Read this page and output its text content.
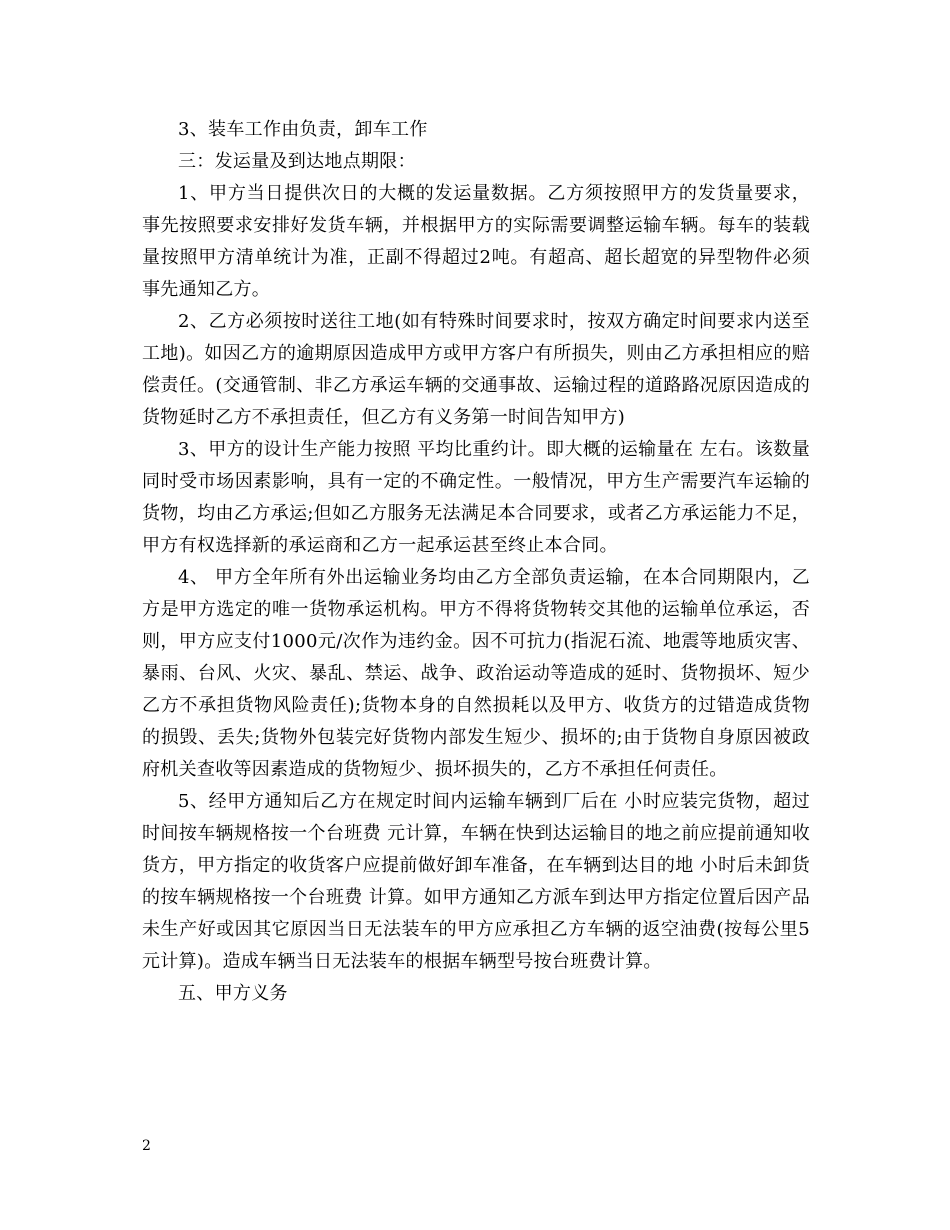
3、装车工作由负责，卸车工作

三：发运量及到达地点期限：

1、甲方当日提供次日的大概的发运量数据。乙方须按照甲方的发货量要求，事先按照要求安排好发货车辆，并根据甲方的实际需要调整运输车辆。每车的装载量按照甲方清单统计为准，正副不得超过2吨。有超高、超长超宽的异型物件必须事先通知乙方。

2、乙方必须按时送往工地(如有特殊时间要求时，按双方确定时间要求内送至工地)。如因乙方的逾期原因造成甲方或甲方客户有所损失，则由乙方承担相应的赔偿责任。(交通管制、非乙方承运车辆的交通事故、运输过程的道路路况原因造成的货物延时乙方不承担责任，但乙方有义务第一时间告知甲方)

3、甲方的设计生产能力按照 平均比重约计。即大概的运输量在 左右。该数量同时受市场因素影响，具有一定的不确定性。一般情况，甲方生产需要汽车运输的货物，均由乙方承运;但如乙方服务无法满足本合同要求，或者乙方承运能力不足，甲方有权选择新的承运商和乙方一起承运甚至终止本合同。

4、 甲方全年所有外出运输业务均由乙方全部负责运输，在本合同期限内，乙方是甲方选定的唯一货物承运机构。甲方不得将货物转交其他的运输单位承运，否则，甲方应支付1000元/次作为违约金。因不可抗力(指泥石流、地震等地质灾害、暴雨、台风、火灾、暴乱、禁运、战争、政治运动等造成的延时、货物损坏、短少乙方不承担货物风险责任);货物本身的自然损耗以及甲方、收货方的过错造成货物的损毁、丢失;货物外包装完好货物内部发生短少、损坏的;由于货物自身原因被政府机关查收等因素造成的货物短少、损坏损失的，乙方不承担任何责任。

5、经甲方通知后乙方在规定时间内运输车辆到厂后在 小时应装完货物，超过时间按车辆规格按一个台班费 元计算，车辆在快到达运输目的地之前应提前通知收货方，甲方指定的收货客户应提前做好卸车准备，在车辆到达目的地 小时后未卸货的按车辆规格按一个台班费 计算。如甲方通知乙方派车到达甲方指定位置后因产品未生产好或因其它原因当日无法装车的甲方应承担乙方车辆的返空油费(按每公里5元计算)。造成车辆当日无法装车的根据车辆型号按台班费计算。

五、甲方义务

2
